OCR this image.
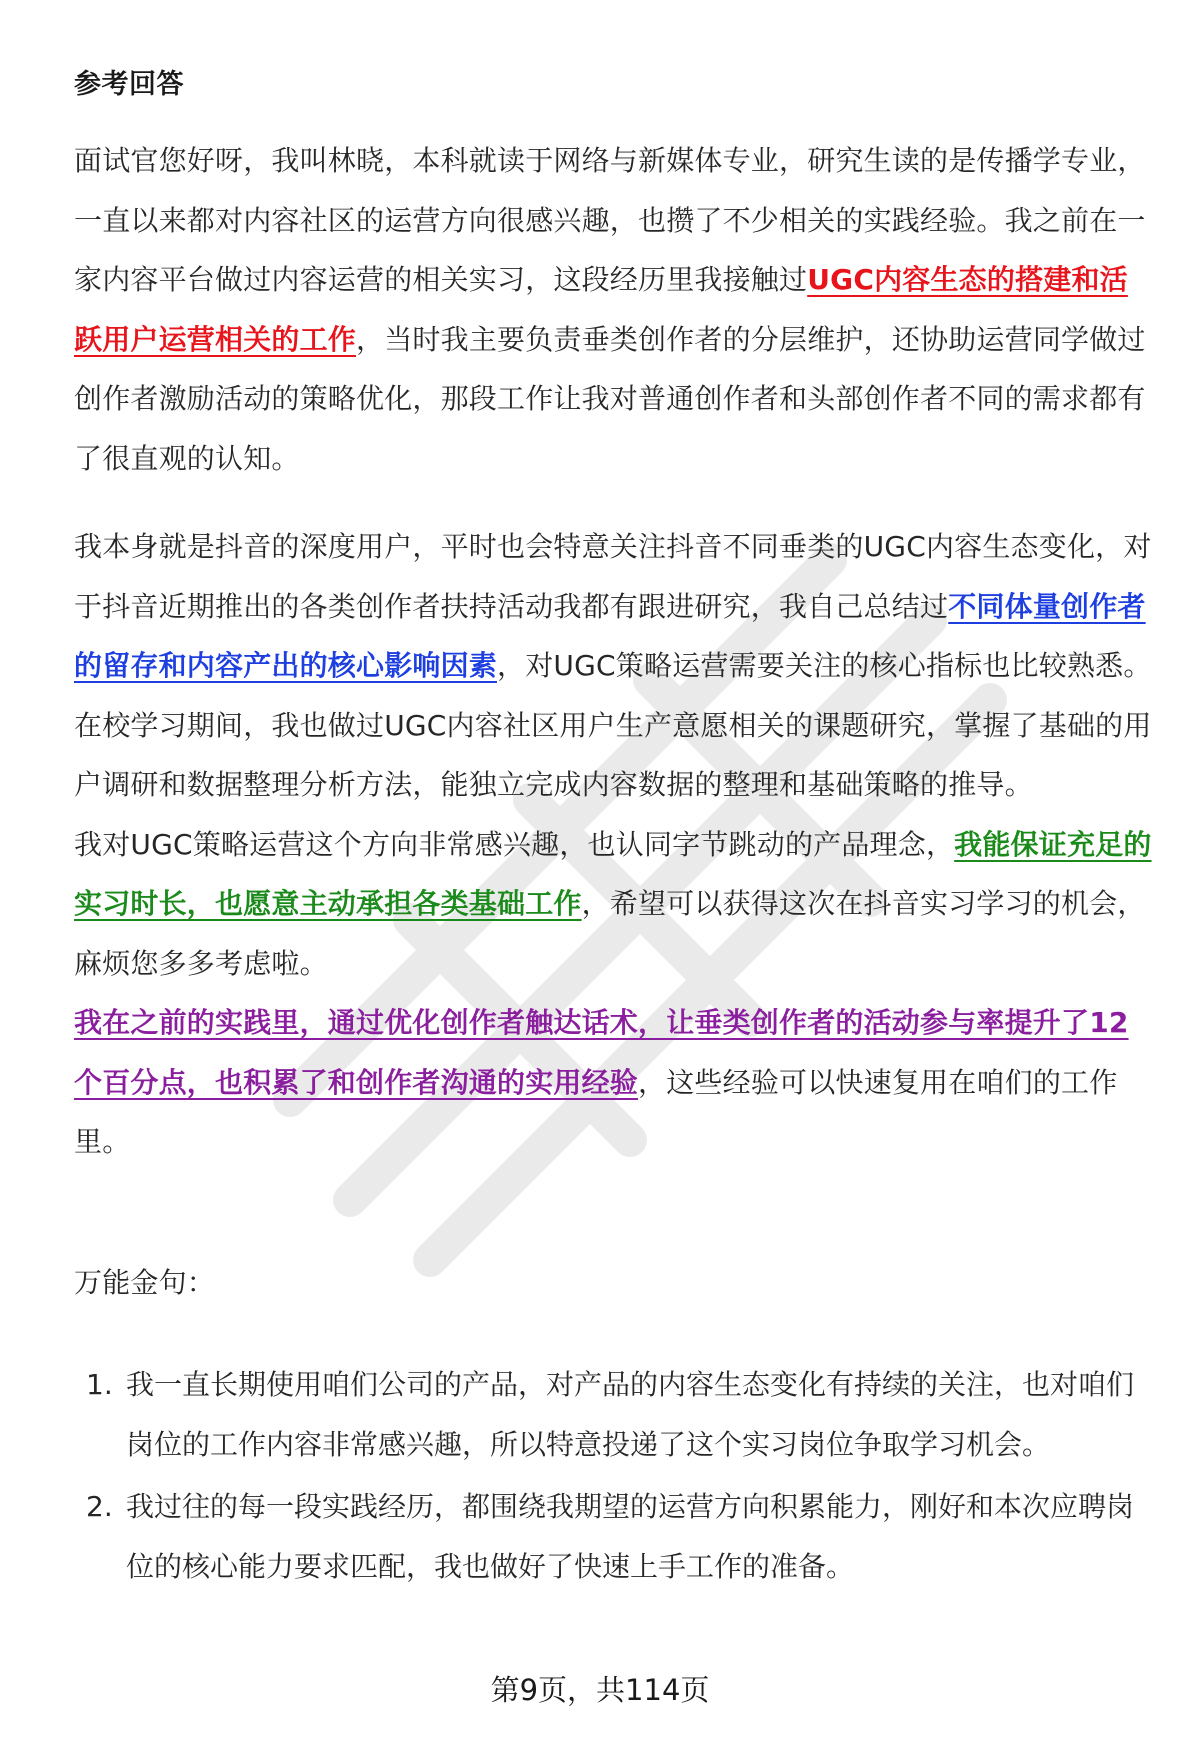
参考回答

面试官您好呀，我叫林晓，本科就读于网络与新媒体专业，研究生读的是传播学专业，一直以来都对内容社区的运营方向很感兴趣，也攒了不少相关的实践经验。我之前在一家内容平台做过内容运营的相关实习，这段经历里我接触过UGC内容生态的搭建和活跃用户运营相关的工作，当时我主要负责垂类创作者的分层维护，还协助运营同学做过创作者激励活动的策略优化，那段工作让我对普通创作者和头部创作者不同的需求都有了很直观的认知。

我本身就是抖音的深度用户，平时也会特意关注抖音不同垂类的UGC内容生态变化，对于抖音近期推出的各类创作者扶持活动我都有跟进研究，我自己总结过不同体量创作者的留存和内容产出的核心影响因素，对UGC策略运营需要关注的核心指标也比较熟悉。
在校学习期间，我也做过UGC内容社区用户生产意愿相关的课题研究，掌握了基础的用户调研和数据整理分析方法，能独立完成内容数据的整理和基础策略的推导。
我对UGC策略运营这个方向非常感兴趣，也认同字节跳动的产品理念，我能保证充足的实习时长，也愿意主动承担各类基础工作，希望可以获得这次在抖音实习学习的机会，麻烦您多多考虑啦。
我在之前的实践里，通过优化创作者触达话术，让垂类创作者的活动参与率提升了12个百分点，也积累了和创作者沟通的实用经验，这些经验可以快速复用在咱们的工作里。

万能金句：

1. 我一直长期使用咱们公司的产品，对产品的内容生态变化有持续的关注，也对咱们岗位的工作内容非常感兴趣，所以特意投递了这个实习岗位争取学习机会。
2. 我过往的每一段实践经历，都围绕我期望的运营方向积累能力，刚好和本次应聘岗位的核心能力要求匹配，我也做好了快速上手工作的准备。
第9页，共114页
